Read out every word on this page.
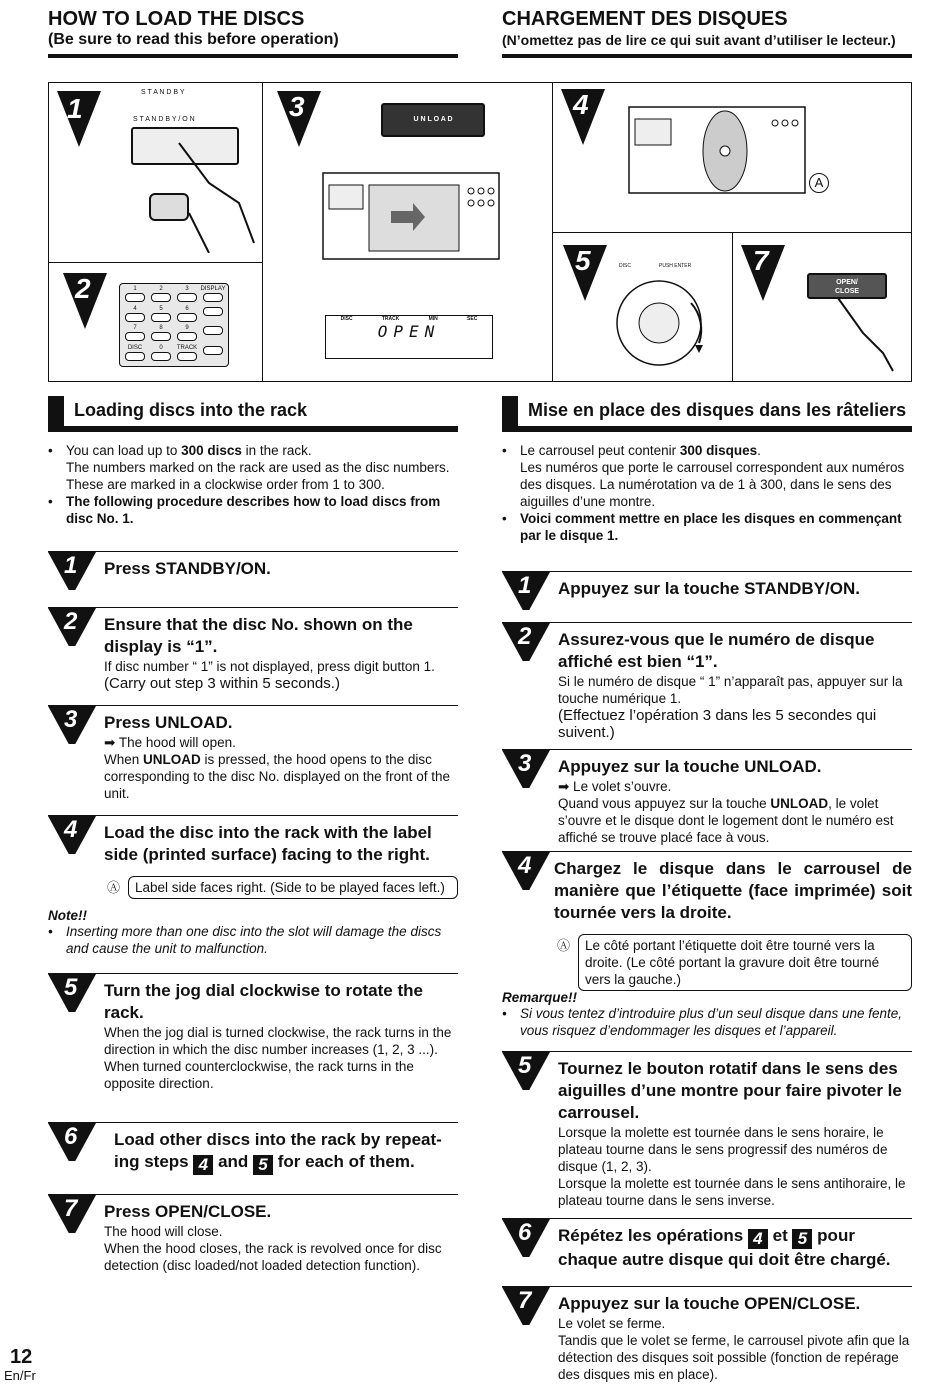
HOW TO LOAD THE DISCS
(Be sure to read this before operation)
CHARGEMENT DES DISQUES
(N’omettez pas de lire ce qui suit avant d’utiliser le lecteur.)
1
S T A N D B Y
S T A N D B Y / O N
2	1	2	3 DISPLAY
4	5	6
7	8	9
DISC	0 TRACK
3	U N L O A D
DISC	TRACK	MIN	SEC
OPEN
4
A
5	DISC	PUSH ENTER 7
OPEN/
CLOSE
Loading discs into the rack
• You can load up to 300 discs in the rack.
The numbers marked on the rack are used as the disc numbers. These are marked in a clockwise order from 1 to 300.
• The following procedure describes how to load discs from disc No. 1.
1 Press STANDBY/ON.
2 Ensure that the disc No. shown on the display is “1”.
If disc number “ 1” is not displayed, press digit button 1.
(Carry out step 3 within 5 seconds.)
3 Press UNLOAD.
➡ The hood will open.
When UNLOAD is pressed, the hood opens to the disc corresponding to the disc No. displayed on the front of the unit.
4 Load the disc into the rack with the label side (printed surface) facing to the right.
Ⓐ Label side faces right. (Side to be played faces left.)
Note!!
• Inserting more than one disc into the slot will damage the discs and cause the unit to malfunction.
5 Turn the jog dial clockwise to rotate the rack.
When the jog dial is turned clockwise, the rack turns in the direction in which the disc number increases (1, 2, 3 ...).
When turned counterclockwise, the rack turns in the opposite direction.
6 Load other discs into the rack by repeat-ing steps 4 and 5 for each of them.
7 Press OPEN/CLOSE.
The hood will close.
When the hood closes, the rack is revolved once for disc detection (disc loaded/not loaded detection function).
Mise en place des disques dans les râteliers
• Le carrousel peut contenir 300 disques.
Les numéros que porte le carrousel correspondent aux numéros des disques. La numérotation va de 1 à 300, dans le sens des aiguilles d’une montre.
• Voici comment mettre en place les disques en commençant par le disque 1.
1 Appuyez sur la touche STANDBY/ON.
2 Assurez-vous que le numéro de disque affiché est bien “1”.
Si le numéro de disque “ 1” n’apparaît pas, appuyer sur la touche numérique 1.
(Effectuez l’opération 3 dans les 5 secondes qui suivent.)
3 Appuyez sur la touche UNLOAD.
➡ Le volet s’ouvre.
Quand vous appuyez sur la touche UNLOAD, le volet s’ouvre et le disque dont le logement dont le numéro est affiché se trouve placé face à vous.
4 Chargez le disque dans le carrousel de manière que l’étiquette (face imprimée) soit tournée vers la droite.
Ⓐ Le côté portant l’étiquette doit être tourné vers la droite. (Le côté portant la gravure doit être tourné vers la gauche.)
Remarque!!
• Si vous tentez d’introduire plus d’un seul disque dans une fente, vous risquez d’endommager les disques et l’appareil.
5 Tournez le bouton rotatif dans le sens des aiguilles d’une montre pour faire pivoter le carrousel.
Lorsque la molette est tournée dans le sens horaire, le plateau tourne dans le sens progressif des numéros de disque (1, 2, 3).
Lorsque la molette est tournée dans le sens antihoraire, le plateau tourne dans le sens inverse.
6 Répétez les opérations 4 et 5 pour chaque autre disque qui doit être chargé.
7 Appuyez sur la touche OPEN/CLOSE.
Le volet se ferme.
Tandis que le volet se ferme, le carrousel pivote afin que la détection des disques soit possible (fonction de repérage des disques mis en place).
12
En/Fr
